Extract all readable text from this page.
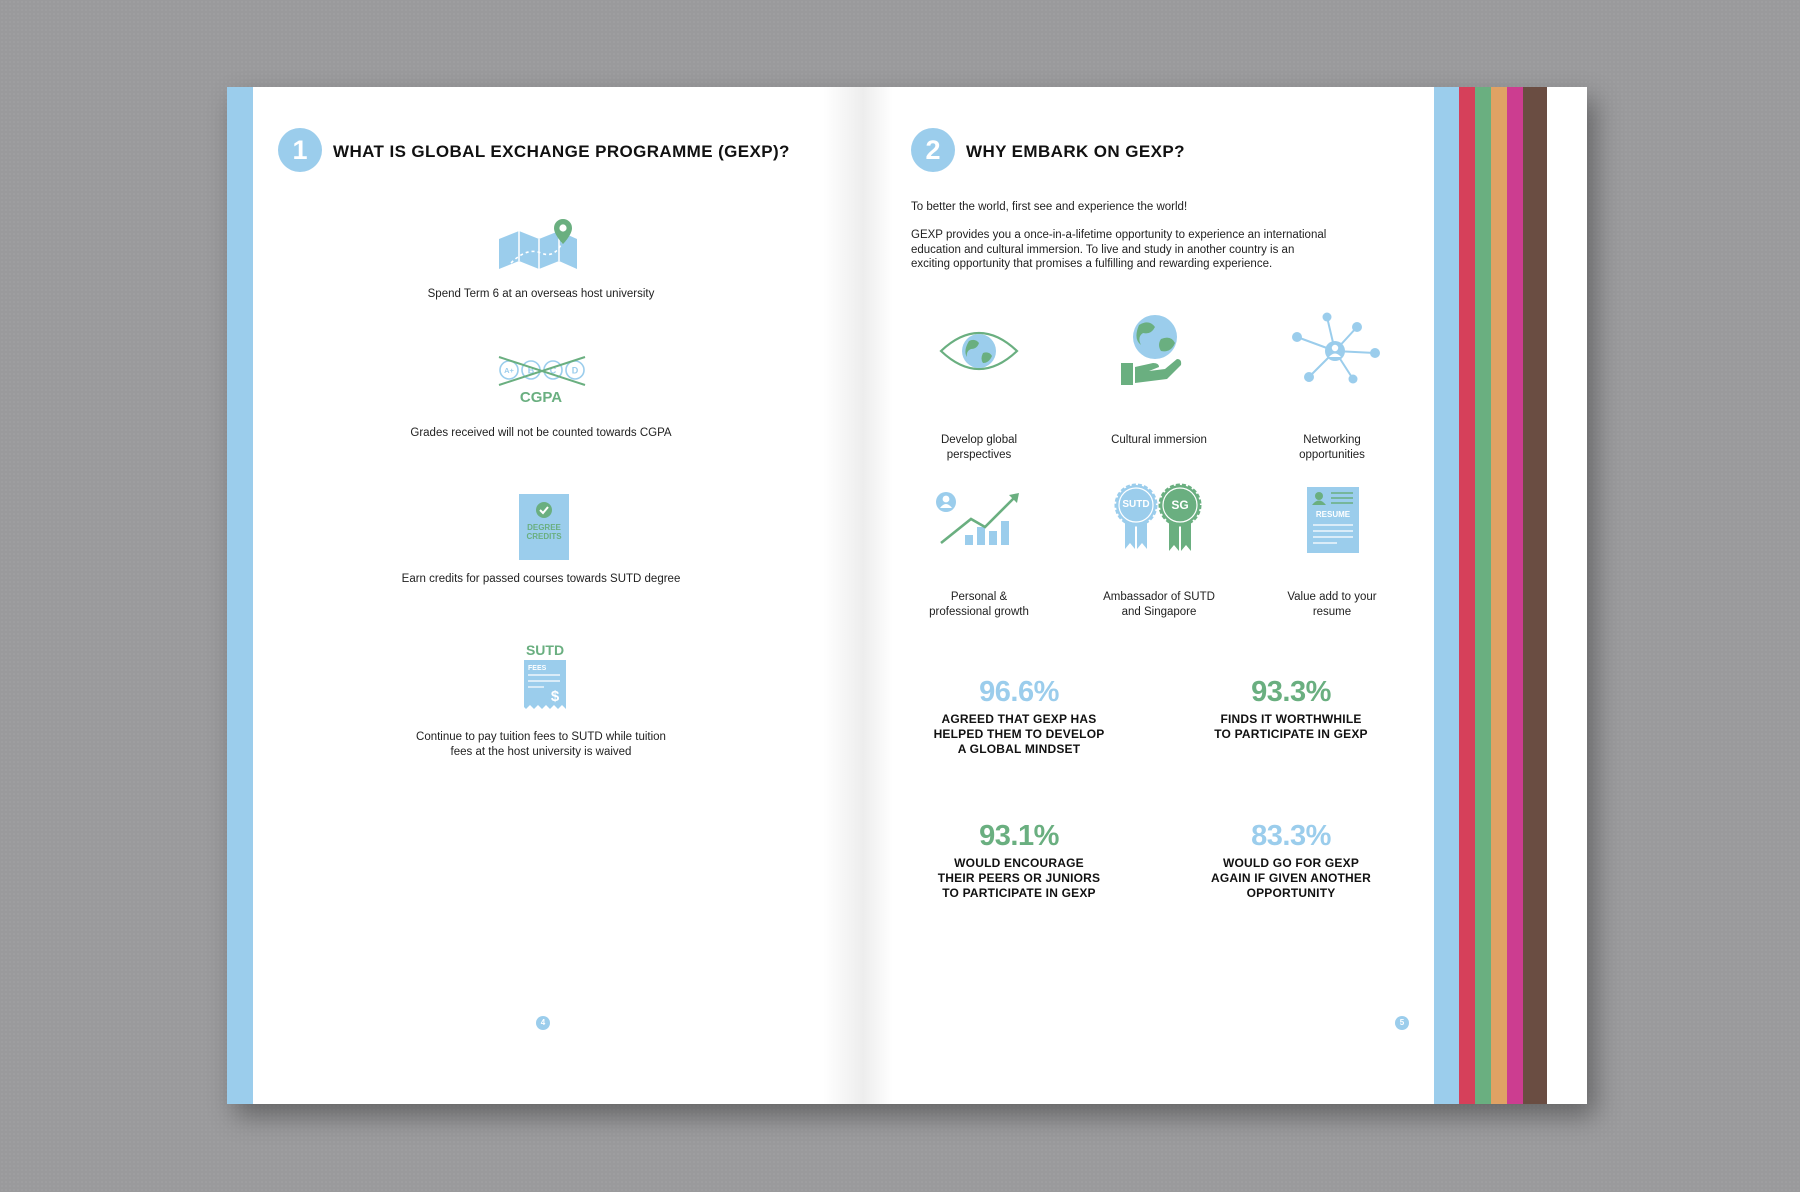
1	WHAT IS GLOBAL EXCHANGE PROGRAMME (GEXP)?
Spend Term 6 at an overseas host university
A+ B C D
CGPA
Grades received will not be counted towards CGPA
DEGREE
CREDITS
Earn credits for passed courses towards SUTD degree
SUTD
FEES
$
Continue to pay tuition fees to SUTD while tuition
fees at the host university is waived
4
2	WHY EMBARK ON GEXP?
To better the world, first see and experience the world!
GEXP provides you a once-in-a-lifetime opportunity to experience an international
education and cultural immersion. To live and study in another country is an
exciting opportunity that promises a fulfilling and rewarding experience.
Develop global
perspectives
Cultural immersion	Networking
opportunities
Personal &
professional growth
SUTD SG
Ambassador of SUTD
and Singapore
RESUME
Value add to your
resume
96.6%
AGREED THAT GEXP HAS
HELPED THEM TO DEVELOP
A GLOBAL MINDSET
93.3%
FINDS IT WORTHWHILE
TO PARTICIPATE IN GEXP
93.1%
WOULD ENCOURAGE
THEIR PEERS OR JUNIORS
TO PARTICIPATE IN GEXP
83.3%
WOULD GO FOR GEXP
AGAIN IF GIVEN ANOTHER
OPPORTUNITY
5
